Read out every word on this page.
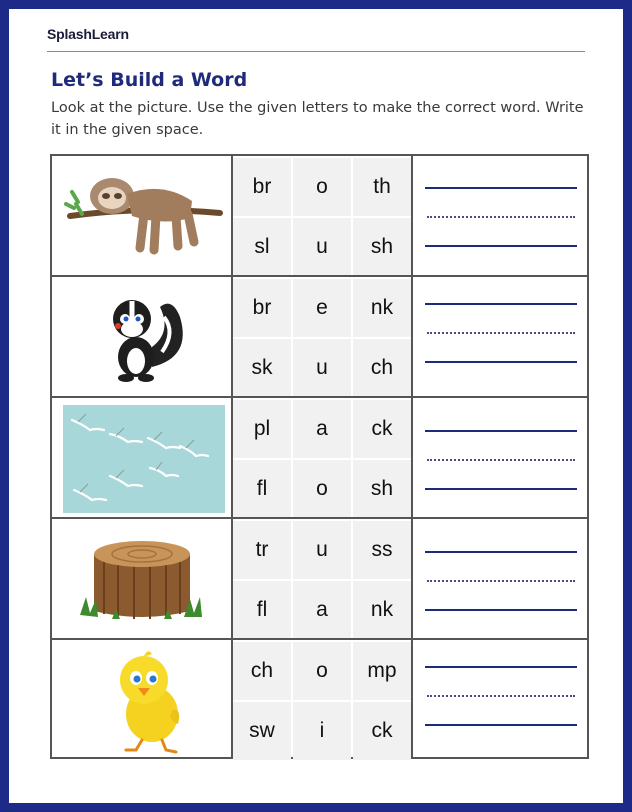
SplashLearn
Let’s Build a Word
Look at the picture. Use the given letters to make the correct word. Write it in the given space.
br	o	th
sl	u	sh
br	e	nk
sk	u	ch
pl	a	ck
fl	o	sh
tr	u	ss
fl	a	nk
ch	o	mp
sw	i	ck
